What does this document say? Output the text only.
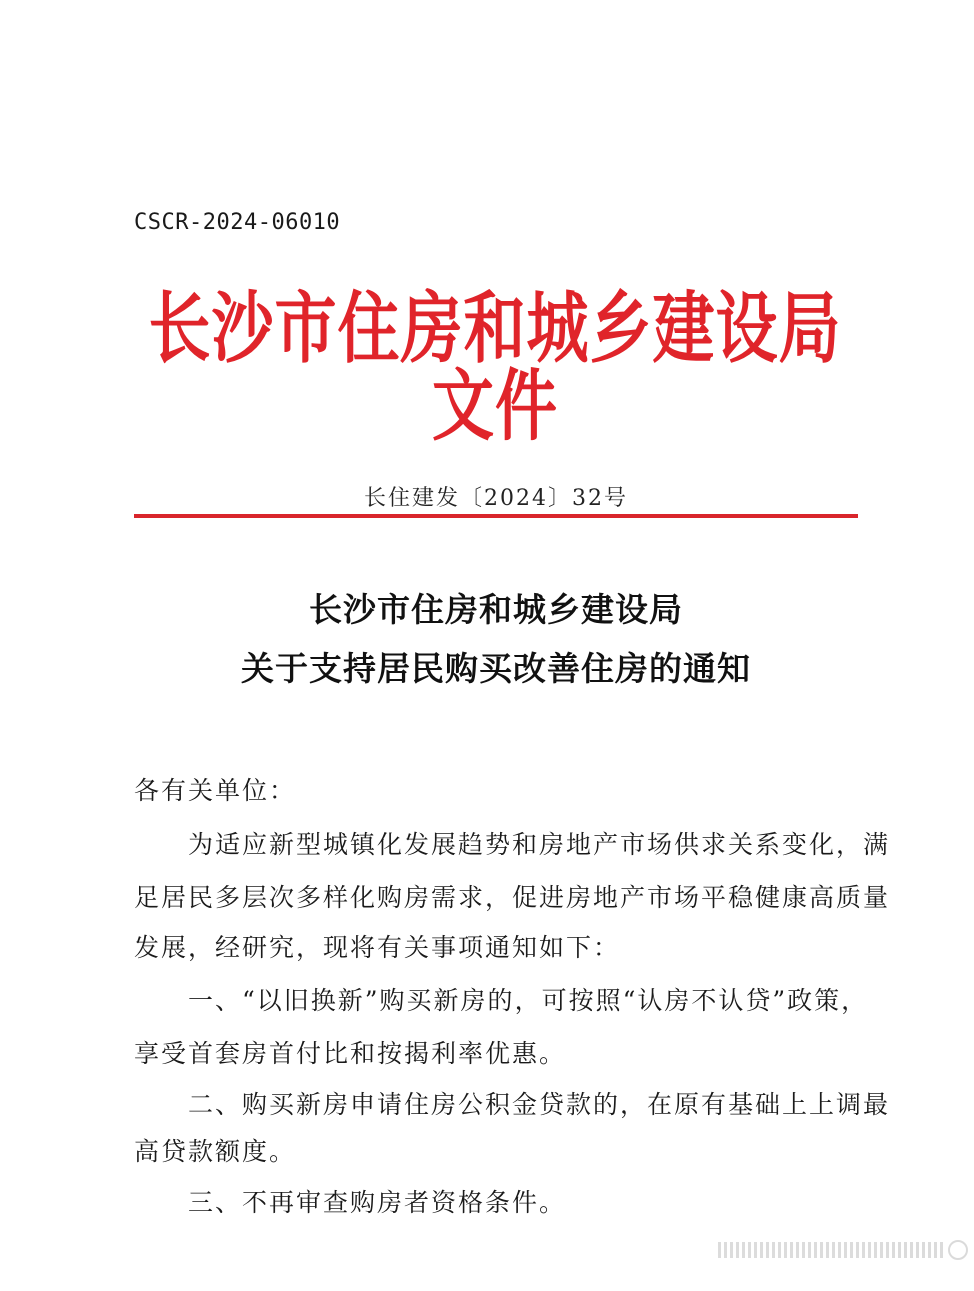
CSCR-2024-06010
长沙市住房和城乡建设局文件
长住建发〔2024〕32号
长沙市住房和城乡建设局
关于支持居民购买改善住房的通知
各有关单位：
为适应新型城镇化发展趋势和房地产市场供求关系变化，满
足居民多层次多样化购房需求，促进房地产市场平稳健康高质量
发展，经研究，现将有关事项通知如下：
一、“以旧换新”购买新房的，可按照“认房不认贷”政策，
享受首套房首付比和按揭利率优惠。
二、购买新房申请住房公积金贷款的，在原有基础上上调最
高贷款额度。
三、不再审查购房者资格条件。
